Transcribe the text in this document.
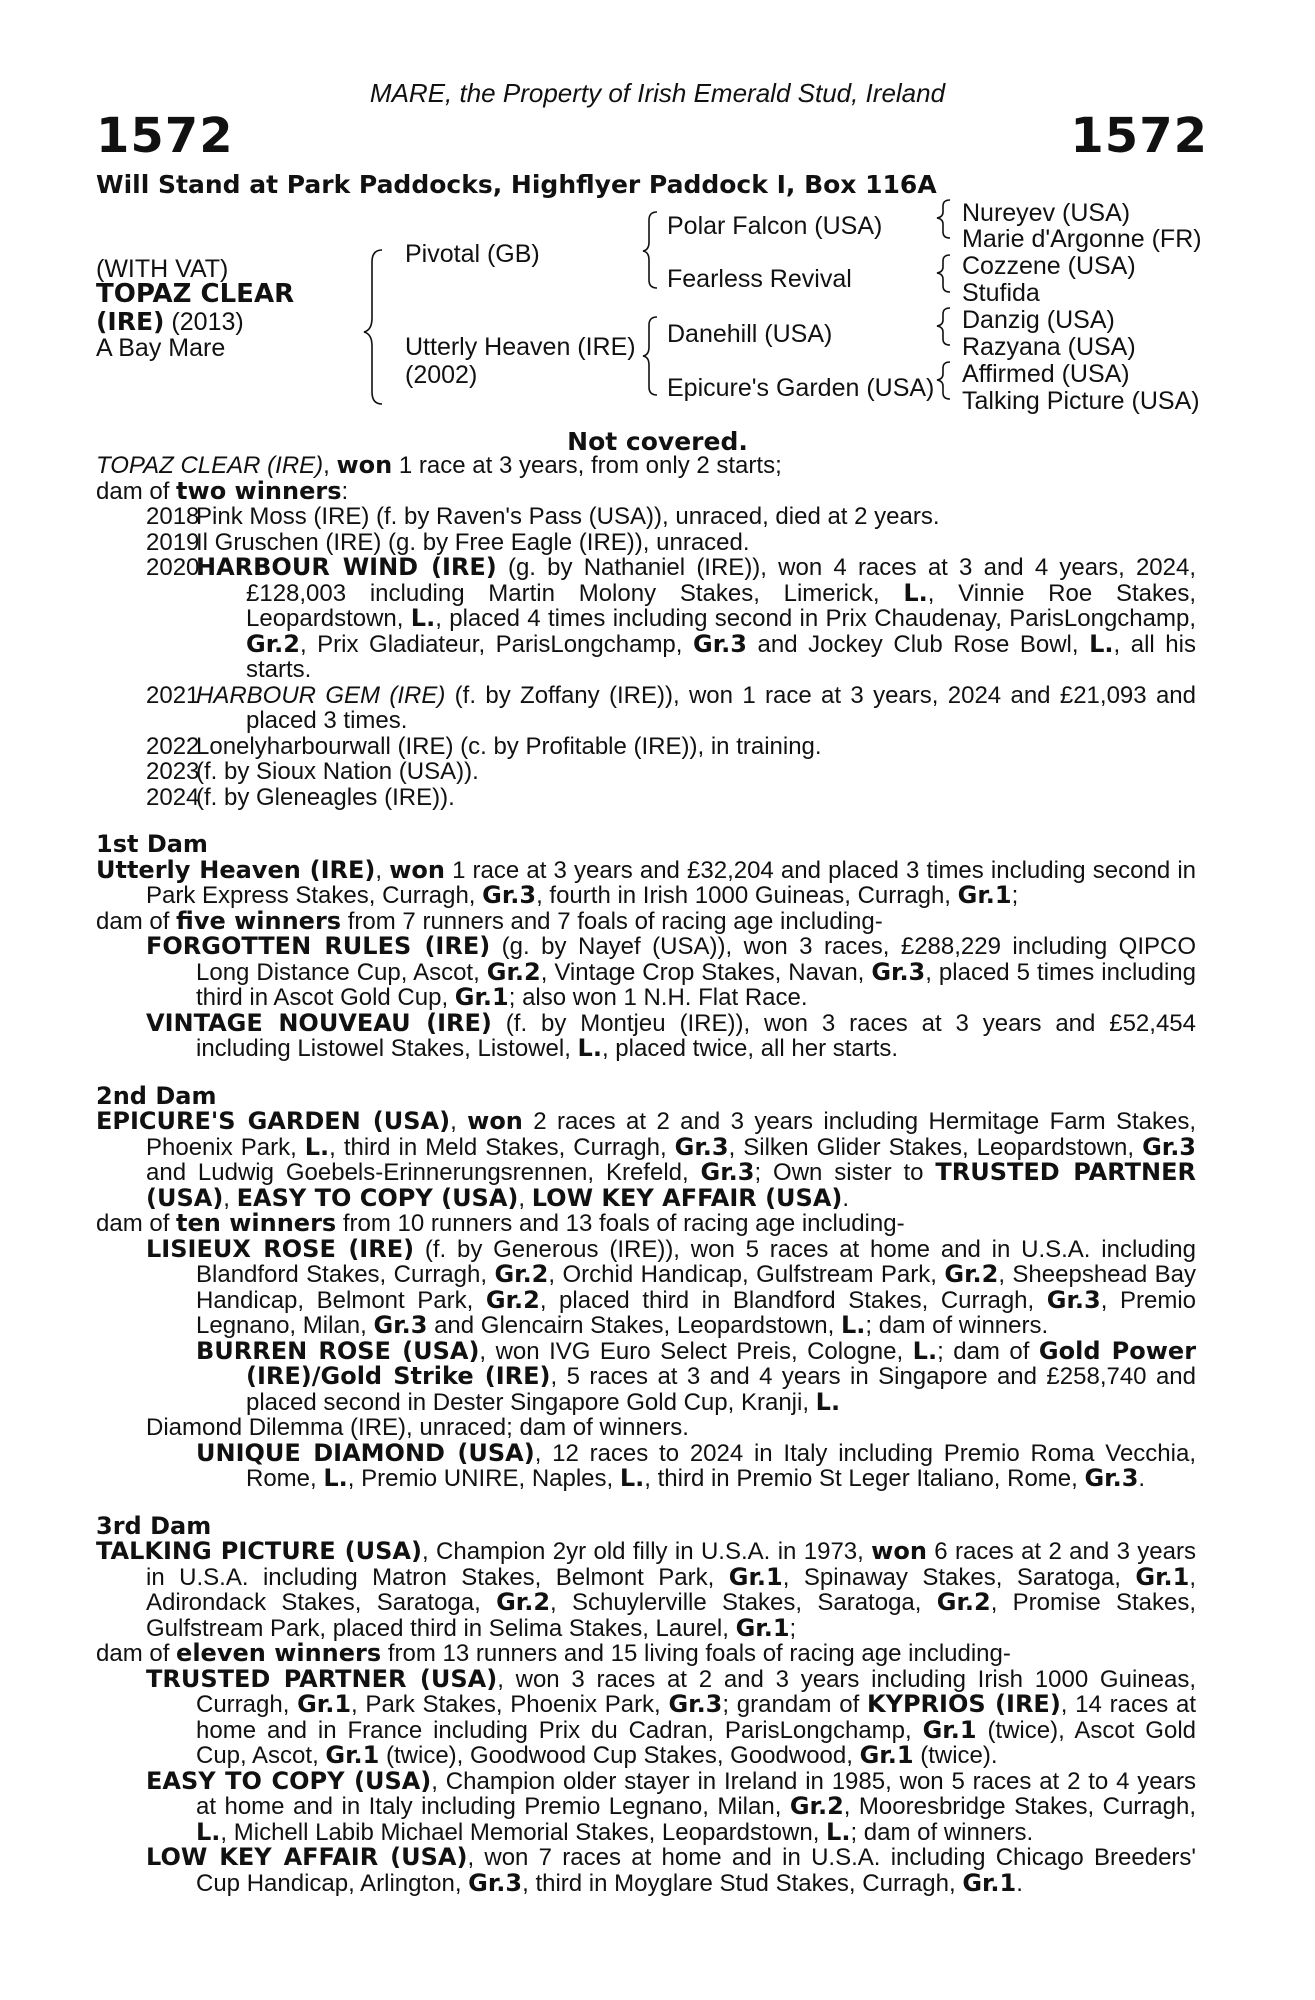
MARE, the Property of Irish Emerald Stud, Ireland
1572	1572
Will Stand at Park Paddocks, Highflyer Paddock I, Box 116A
(WITH VAT)
TOPAZ CLEAR
(IRE) (2013)
A Bay Mare
Pivotal (GB)
Utterly Heaven (IRE)
(2002)
Polar Falcon (USA)
Fearless Revival
Danehill (USA)
Epicure's Garden (USA)
Nureyev (USA)
Marie d'Argonne (FR)
Cozzene (USA)
Stufida
Danzig (USA)
Razyana (USA)
Affirmed (USA)
Talking Picture (USA)
Not covered.
TOPAZ CLEAR (IRE), won 1 race at 3 years, from only 2 starts;
dam of two winners:
2018
Pink Moss (IRE) (f. by Raven's Pass (USA)), unraced, died at 2 years.
2019
Il Gruschen (IRE) (g. by Free Eagle (IRE)), unraced.
2020
HARBOUR WIND (IRE) (g. by Nathaniel (IRE)), won 4 races at 3 and 4 years, 2024, £128,003 including Martin Molony Stakes, Limerick, L., Vinnie Roe Stakes, Leopardstown, L., placed 4 times including second in Prix Chaudenay, ParisLongchamp, Gr.2, Prix Gladiateur, ParisLongchamp, Gr.3 and Jockey Club Rose Bowl, L., all his starts.
2021
HARBOUR GEM (IRE) (f. by Zoffany (IRE)), won 1 race at 3 years, 2024 and £21,093 and placed 3 times.
2022
Lonelyharbourwall (IRE) (c. by Profitable (IRE)), in training.
2023
(f. by Sioux Nation (USA)).
2024
(f. by Gleneagles (IRE)).
1st Dam
Utterly Heaven (IRE), won 1 race at 3 years and £32,204 and placed 3 times including second in Park Express Stakes, Curragh, Gr.3, fourth in Irish 1000 Guineas, Curragh, Gr.1;
dam of five winners from 7 runners and 7 foals of racing age including-
FORGOTTEN RULES (IRE) (g. by Nayef (USA)), won 3 races, £288,229 including QIPCO Long Distance Cup, Ascot, Gr.2, Vintage Crop Stakes, Navan, Gr.3, placed 5 times including third in Ascot Gold Cup, Gr.1; also won 1 N.H. Flat Race.
VINTAGE NOUVEAU (IRE) (f. by Montjeu (IRE)), won 3 races at 3 years and £52,454 including Listowel Stakes, Listowel, L., placed twice, all her starts.
2nd Dam
EPICURE'S GARDEN (USA), won 2 races at 2 and 3 years including Hermitage Farm Stakes, Phoenix Park, L., third in Meld Stakes, Curragh, Gr.3, Silken Glider Stakes, Leopardstown, Gr.3 and Ludwig Goebels-Erinnerungsrennen, Krefeld, Gr.3; Own sister to TRUSTED PARTNER (USA), EASY TO COPY (USA), LOW KEY AFFAIR (USA).
dam of ten winners from 10 runners and 13 foals of racing age including-
LISIEUX ROSE (IRE) (f. by Generous (IRE)), won 5 races at home and in U.S.A. including Blandford Stakes, Curragh, Gr.2, Orchid Handicap, Gulfstream Park, Gr.2, Sheepshead Bay Handicap, Belmont Park, Gr.2, placed third in Blandford Stakes, Curragh, Gr.3, Premio Legnano, Milan, Gr.3 and Glencairn Stakes, Leopardstown, L.; dam of winners.
BURREN ROSE (USA), won IVG Euro Select Preis, Cologne, L.; dam of Gold Power (IRE)/Gold Strike (IRE), 5 races at 3 and 4 years in Singapore and £258,740 and placed second in Dester Singapore Gold Cup, Kranji, L.
Diamond Dilemma (IRE), unraced; dam of winners.
UNIQUE DIAMOND (USA), 12 races to 2024 in Italy including Premio Roma Vecchia, Rome, L., Premio UNIRE, Naples, L., third in Premio St Leger Italiano, Rome, Gr.3.
3rd Dam
TALKING PICTURE (USA), Champion 2yr old filly in U.S.A. in 1973, won 6 races at 2 and 3 years in U.S.A. including Matron Stakes, Belmont Park, Gr.1, Spinaway Stakes, Saratoga, Gr.1, Adirondack Stakes, Saratoga, Gr.2, Schuylerville Stakes, Saratoga, Gr.2, Promise Stakes, Gulfstream Park, placed third in Selima Stakes, Laurel, Gr.1;
dam of eleven winners from 13 runners and 15 living foals of racing age including-
TRUSTED PARTNER (USA), won 3 races at 2 and 3 years including Irish 1000 Guineas, Curragh, Gr.1, Park Stakes, Phoenix Park, Gr.3; grandam of KYPRIOS (IRE), 14 races at home and in France including Prix du Cadran, ParisLongchamp, Gr.1 (twice), Ascot Gold Cup, Ascot, Gr.1 (twice), Goodwood Cup Stakes, Goodwood, Gr.1 (twice).
EASY TO COPY (USA), Champion older stayer in Ireland in 1985, won 5 races at 2 to 4 years at home and in Italy including Premio Legnano, Milan, Gr.2, Mooresbridge Stakes, Curragh, L., Michell Labib Michael Memorial Stakes, Leopardstown, L.; dam of winners.
LOW KEY AFFAIR (USA), won 7 races at home and in U.S.A. including Chicago Breeders' Cup Handicap, Arlington, Gr.3, third in Moyglare Stud Stakes, Curragh, Gr.1.
